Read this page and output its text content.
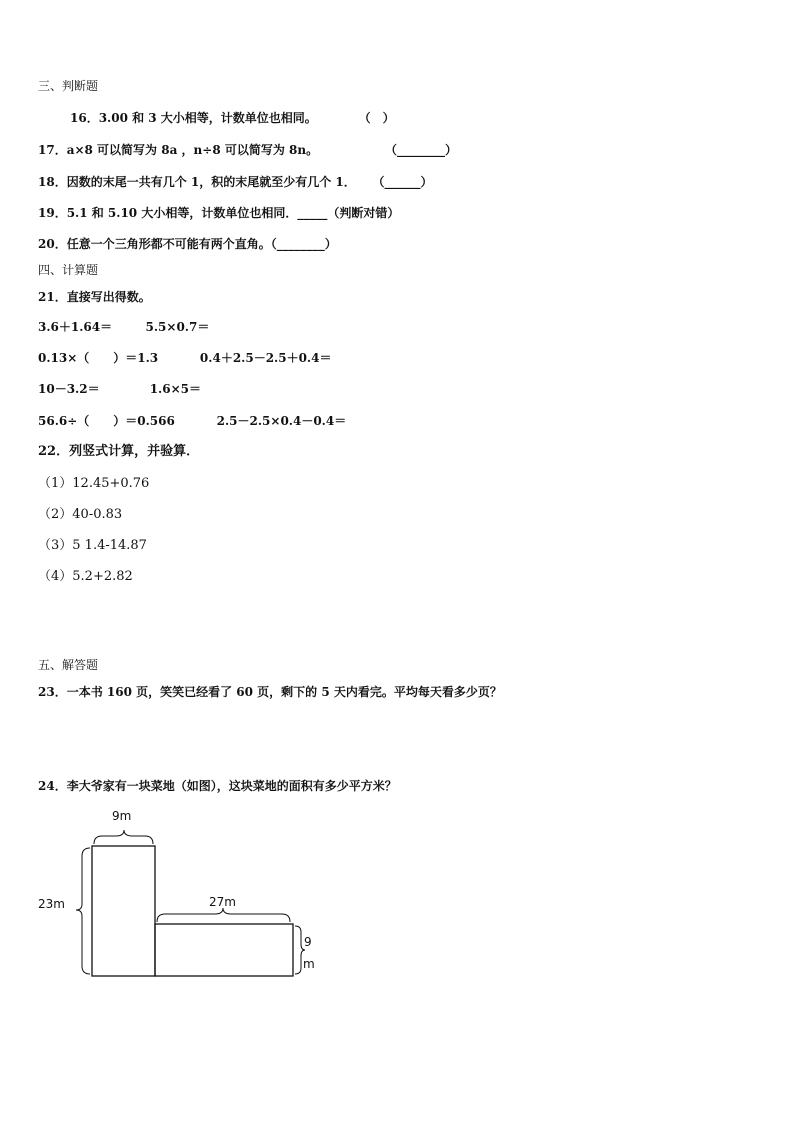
三、判断题
16．3.00 和 3 大小相等，计数单位也相同。          （　）
17．a×8 可以简写为 8a ，n÷8 可以简写为 8n。                （________）
18．因数的末尾一共有几个 1，积的末尾就至少有几个 1．    （______）
19．5.1 和 5.10 大小相等，计数单位也相同．_____（判断对错）
20．任意一个三角形都不可能有两个直角。（________）
四、计算题
21．直接写出得数。
3.6＋1.64＝        5.5×0.7＝
0.13×（　　）＝1.3          0.4＋2.5－2.5＋0.4＝
10－3.2＝            1.6×5＝
56.6÷（　　）＝0.566          2.5－2.5×0.4－0.4＝
22．列竖式计算，并验算．
（1）12.45+0.76
（2）40-0.83
（3）5 1.4-14.87
（4）5.2+2.82
五、解答题
23．一本书 160 页，笑笑已经看了 60 页，剩下的 5 天内看完。平均每天看多少页？
24．李大爷家有一块菜地（如图），这块菜地的面积有多少平方米？
9m
23m	27m
9
m
